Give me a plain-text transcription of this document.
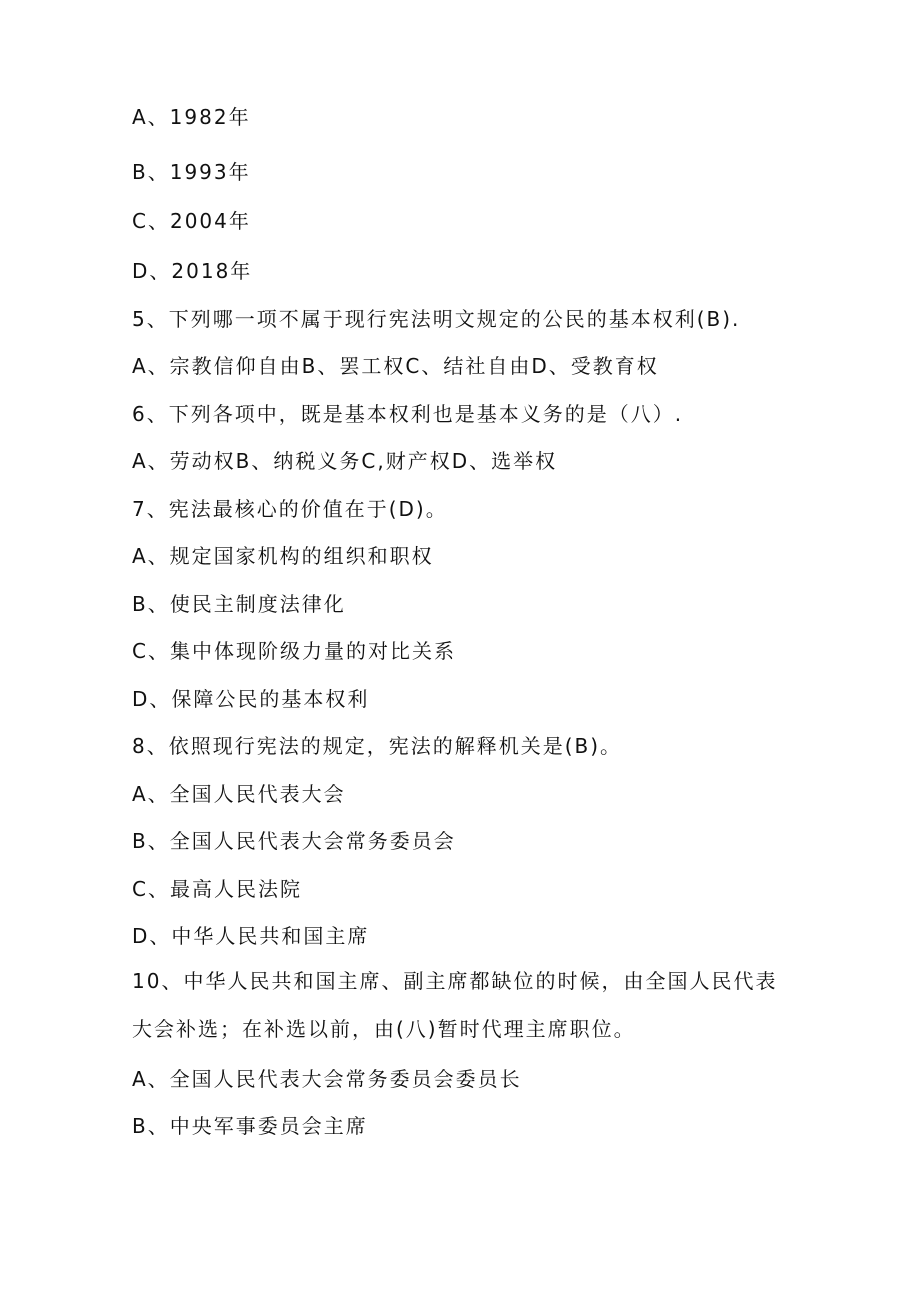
A、1982年
B、1993年
C、2004年
D、2018年
5、下列哪一项不属于现行宪法明文规定的公民的基本权利(B).
A、宗教信仰自由B、罢工权C、结社自由D、受教育权
6、下列各项中，既是基本权利也是基本义务的是（八）.
A、劳动权B、纳税义务C,财产权D、选举权
7、宪法最核心的价值在于(D)。
A、规定国家机构的组织和职权
B、使民主制度法律化
C、集中体现阶级力量的对比关系
D、保障公民的基本权利
8、依照现行宪法的规定，宪法的解释机关是(B)。
A、全国人民代表大会
B、全国人民代表大会常务委员会
C、最高人民法院
D、中华人民共和国主席
10、中华人民共和国主席、副主席都缺位的时候，由全国人民代表大会补选；在补选以前，由(八)暂时代理主席职位。
A、全国人民代表大会常务委员会委员长
B、中央军事委员会主席
